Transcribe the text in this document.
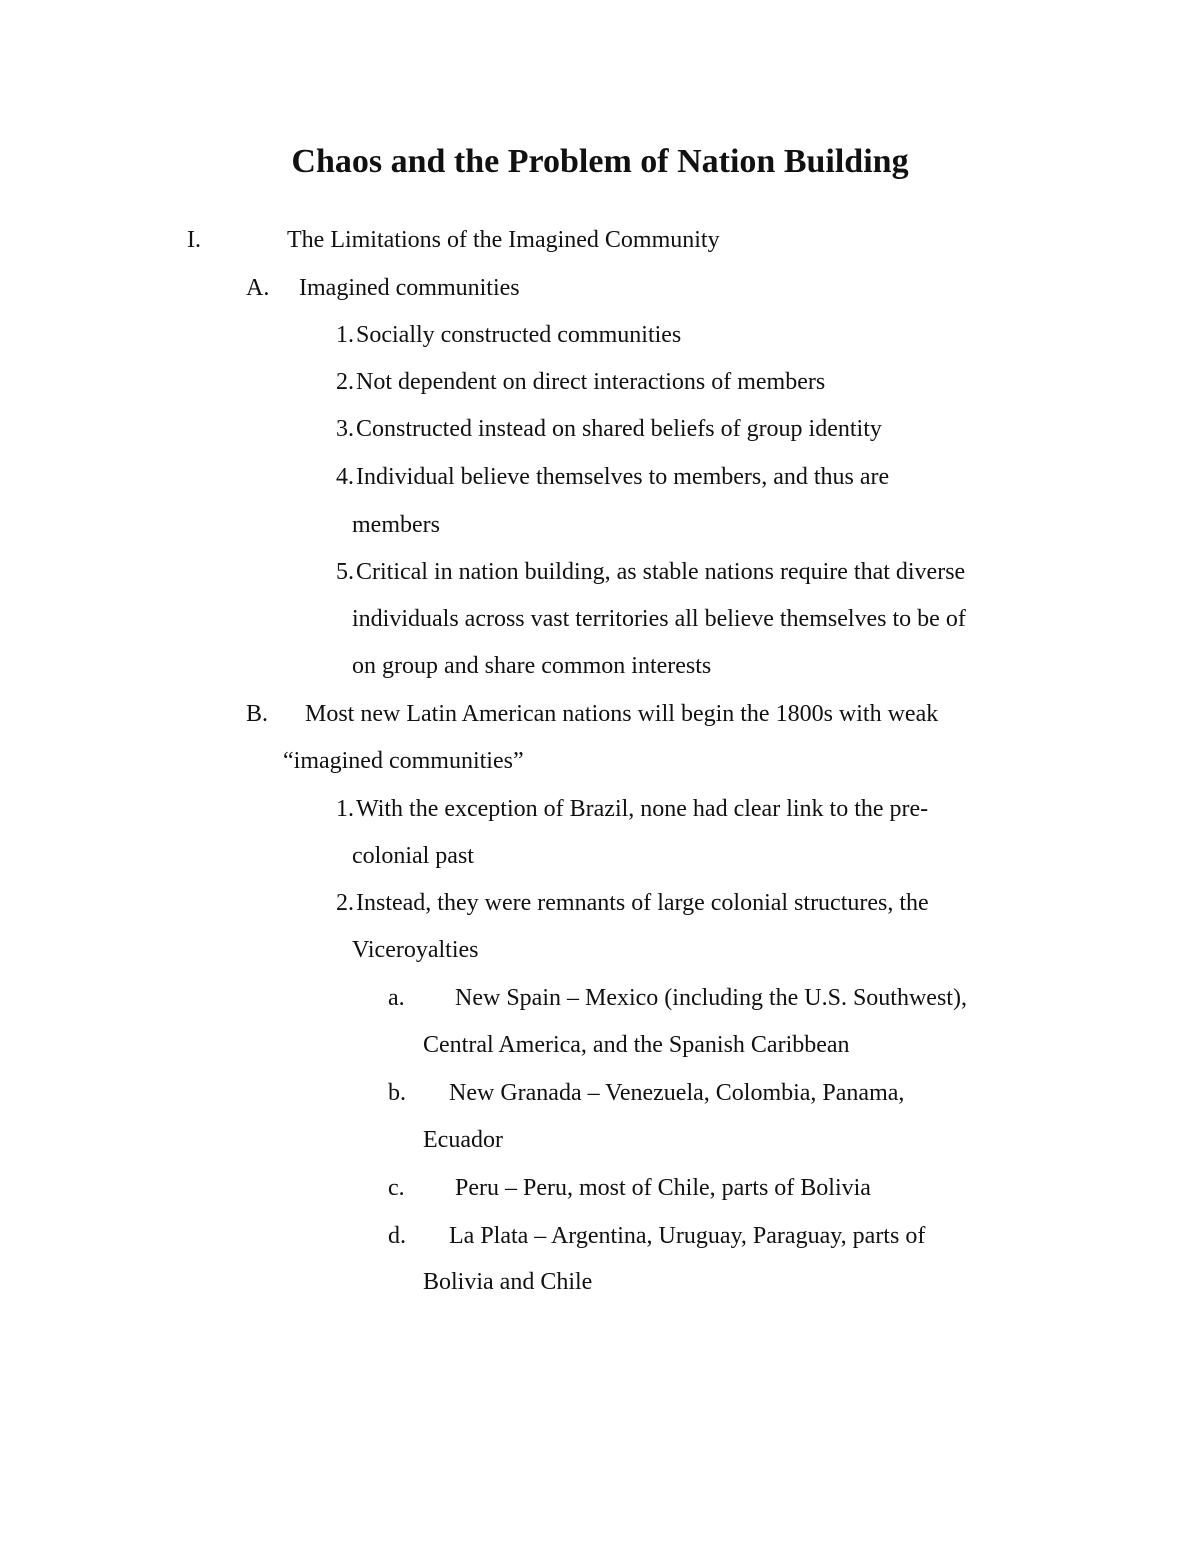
Chaos and the Problem of Nation Building
I.	The Limitations of the Imagined Community
A. Imagined communities
1. Socially constructed communities
2. Not dependent on direct interactions of members
3. Constructed instead on shared beliefs of group identity
4. Individual believe themselves to members, and thus are
members
5. Critical in nation building, as stable nations require that diverse
individuals across vast territories all believe themselves to be of
on group and share common interests
B. Most new Latin American nations will begin the 1800s with weak
“imagined communities”
1. With the exception of Brazil, none had clear link to the pre-
colonial past
2. Instead, they were remnants of large colonial structures, the
Viceroyalties
a. New Spain – Mexico (including the U.S. Southwest),
Central America, and the Spanish Caribbean
b. New Granada – Venezuela, Colombia, Panama,
Ecuador
c. Peru – Peru, most of Chile, parts of Bolivia
d. La Plata – Argentina, Uruguay, Paraguay, parts of
Bolivia and Chile
